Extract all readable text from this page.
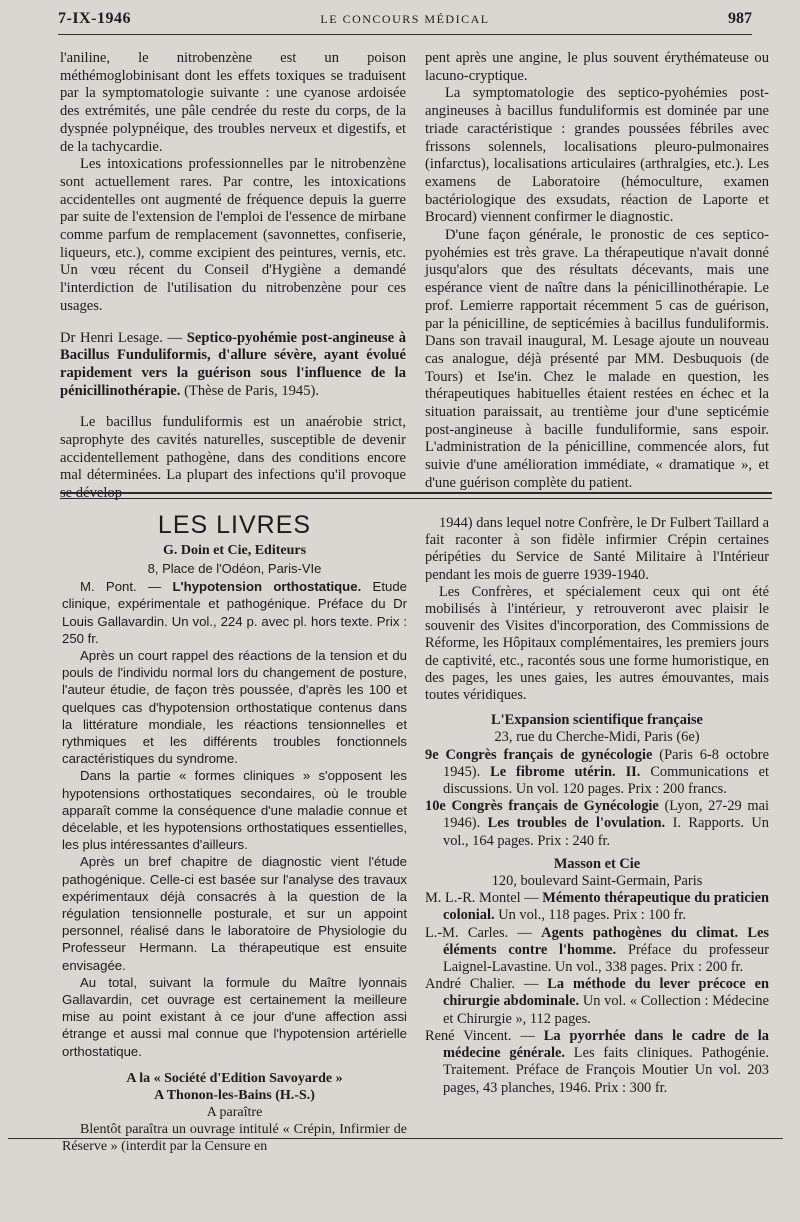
7-IX-1946	LE CONCOURS MÉDICAL	987

l'aniline, le nitrobenzène est un poison méthémoglobinisant dont les effets toxiques se traduisent par la symptomatologie suivante : une cyanose ardoisée des extrémités, une pâle cendrée du reste du corps, de la dyspnée polypnéique, des troubles nerveux et digestifs, et de la tachycardie.

Les intoxications professionnelles par le nitrobenzène sont actuellement rares. Par contre, les intoxications accidentelles ont augmenté de fréquence depuis la guerre par suite de l'extension de l'emploi de l'essence de mirbane comme parfum de remplacement (savonnettes, confiserie, liqueurs, etc.), comme excipient des peintures, vernis, etc. Un vœu récent du Conseil d'Hygiène a demandé l'interdiction de l'utilisation du nitrobenzène pour ces usages.

Dr Henri Lesage. — Septico-pyohémie post-angineuse à Bacillus Funduliformis, d'allure sévère, ayant évolué rapidement vers la guérison sous l'influence de la pénicillinothérapie. (Thèse de Paris, 1945).

Le bacillus funduliformis est un anaérobie strict, saprophyte des cavités naturelles, susceptible de devenir accidentellement pathogène, dans des conditions encore mal déterminées. La plupart des infections qu'il provoque se dévelop-

pent après une angine, le plus souvent érythémateuse ou lacuno-cryptique.

La symptomatologie des septico-pyohémies post-angineuses à bacillus funduliformis est dominée par une triade caractéristique : grandes poussées fébriles avec frissons solennels, localisations pleuro-pulmonaires (infarctus), localisations articulaires (arthralgies, etc.). Les examens de Laboratoire (hémoculture, examen bactériologique des exsudats, réaction de Laporte et Brocard) viennent confirmer le diagnostic.

D'une façon générale, le pronostic de ces septico-pyohémies est très grave. La thérapeutique n'avait donné jusqu'alors que des résultats décevants, mais une espérance vient de naître dans la pénicillinothérapie. Le prof. Lemierre rapportait récemment 5 cas de guérison, par la pénicilline, de septicémies à bacillus funduliformis. Dans son travail inaugural, M. Lesage ajoute un nouveau cas analogue, déjà présenté par MM. Desbuquois (de Tours) et Ise'in. Chez le malade en question, les thérapeutiques habituelles étaient restées en échec et la situation paraissait, au trentième jour d'une septicémie post-angineuse à bacille funduliformie, sans espoir. L'administration de la pénicilline, commencée alors, fut suivie d'une amélioration immédiate, « dramatique », et d'une guérison complète du patient.

LES LIVRES
G. Doin et Cie, Editeurs
8, Place de l'Odéon, Paris-VIe

M. Pont. — L'hypotension orthostatique. Etude clinique, expérimentale et pathogénique. Préface du Dr Louis Gallavardin. Un vol., 224 p. avec pl. hors texte. Prix : 250 fr.

Après un court rappel des réactions de la tension et du pouls de l'individu normal lors du changement de posture, l'auteur étudie, de façon très poussée, d'après les 100 et quelques cas d'hypotension orthostatique contenus dans la littérature mondiale, les réactions tensionnelles et rythmiques et les différents troubles fonctionnels caractéristiques du syndrome.

Dans la partie « formes cliniques » s'opposent les hypotensions orthostatiques secondaires, où le trouble apparaît comme la conséquence d'une maladie connue et décelable, et les hypotensions orthostatiques essentielles, les plus intéressantes d'ailleurs.

Après un bref chapitre de diagnostic vient l'étude pathogénique. Celle-ci est basée sur l'analyse des travaux expérimentaux déjà consacrés à la question de la régulation tensionnelle posturale, et sur un appoint personnel, réalisé dans le laboratoire de Physiologie du Professeur Hermann. La thérapeutique est ensuite envisagée.

Au total, suivant la formule du Maître lyonnais Gallavardin, cet ouvrage est certainement la meilleure mise au point existant à ce jour d'une affection assi étrange et aussi mal connue que l'hypotension artérielle orthostatique.

A la « Société d'Edition Savoyarde »
A Thonon-les-Bains (H.-S.)
A paraître

Blentôt paraîtra un ouvrage intitulé « Crépin, Infirmier de Réserve » (interdit par la Censure en

1944) dans lequel notre Confrère, le Dr Fulbert Taillard a fait raconter à son fidèle infirmier Crépin certaines péripéties du Service de Santé Militaire à l'Intérieur pendant les mois de guerre 1939-1940.

Les Confrères, et spécialement ceux qui ont été mobilisés à l'intérieur, y retrouveront avec plaisir le souvenir des Visites d'incorporation, des Commissions de Réforme, les Hôpitaux complémentaires, les premiers jours de captivité, etc., racontés sous une forme humoristique, en des pages, les unes gaies, les autres émouvantes, mais toutes véridiques.

L'Expansion scientifique française
23, rue du Cherche-Midi, Paris (6e)

9e Congrès français de gynécologie (Paris 6-8 octobre 1945). Le fibrome utérin. II. Communications et discussions. Un vol. 120 pages. Prix : 200 francs.

10e Congrès français de Gynécologie (Lyon, 27-29 mai 1946). Les troubles de l'ovulation. I. Rapports. Un vol., 164 pages. Prix : 240 fr.

Masson et Cie
120, boulevard Saint-Germain, Paris

M. L.-R. Montel — Mémento thérapeutique du praticien colonial. Un vol., 118 pages. Prix : 100 fr.

L.-M. Carles. — Agents pathogènes du climat. Les éléments contre l'homme. Préface du professeur Laignel-Lavastine. Un vol., 338 pages. Prix : 200 fr.

André Chalier. — La méthode du lever précoce en chirurgie abdominale. Un vol. « Collection : Médecine et Chirurgie », 112 pages.

René Vincent. — La pyorrhée dans le cadre de la médecine générale. Les faits cliniques. Pathogénie. Traitement. Préface de François Moutier Un vol. 203 pages, 43 planches, 1946. Prix : 300 fr.
